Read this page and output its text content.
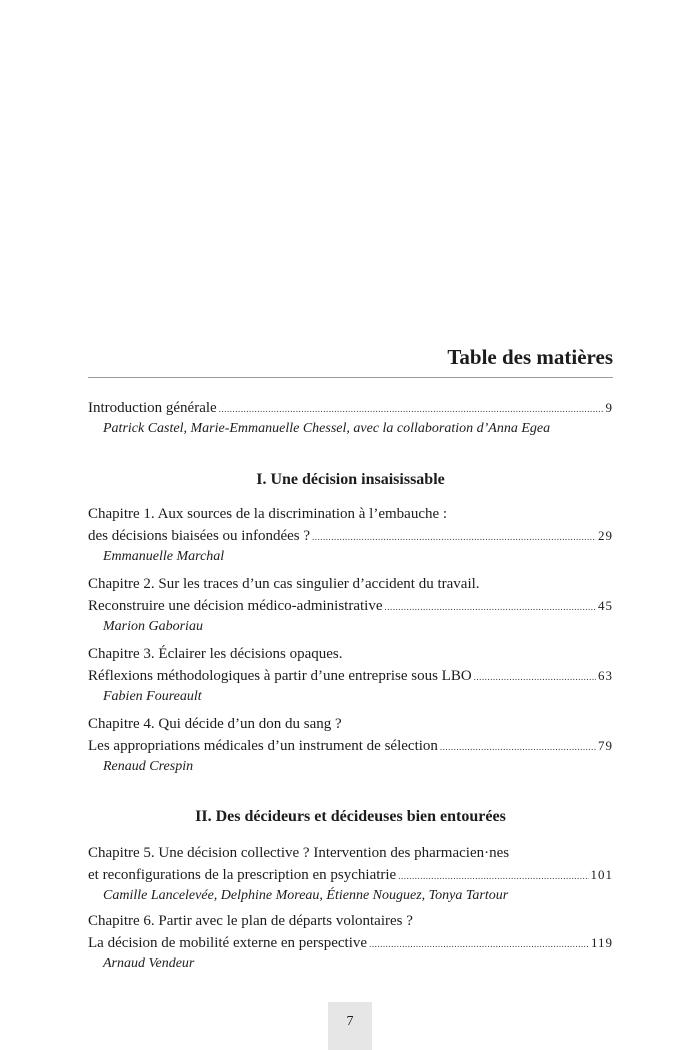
Table des matières
Introduction générale .....	9
Patrick Castel, Marie-Emmanuelle Chessel, avec la collaboration d’Anna Egea
I. Une décision insaisissable
Chapitre 1. Aux sources de la discrimination à l’embauche :
des décisions biaisées ou infondées ? .....	29
Emmanuelle Marchal
Chapitre 2. Sur les traces d’un cas singulier d’accident du travail.
Reconstruire une décision médico-administrative .....	45
Marion Gaboriau
Chapitre 3. Éclairer les décisions opaques.
Réflexions méthodologiques à partir d’une entreprise sous LBO .....	63
Fabien Foureault
Chapitre 4. Qui décide d’un don du sang ?
Les appropriations médicales d’un instrument de sélection .....	79
Renaud Crespin
II. Des décideurs et décideuses bien entourées
Chapitre 5. Une décision collective ? Intervention des pharmacien·nes
et reconfigurations de la prescription en psychiatrie .....	101
Camille Lancelevée, Delphine Moreau, Étienne Nouguez, Tonya Tartour
Chapitre 6. Partir avec le plan de départs volontaires ?
La décision de mobilité externe en perspective .....	119
Arnaud Vendeur
7
